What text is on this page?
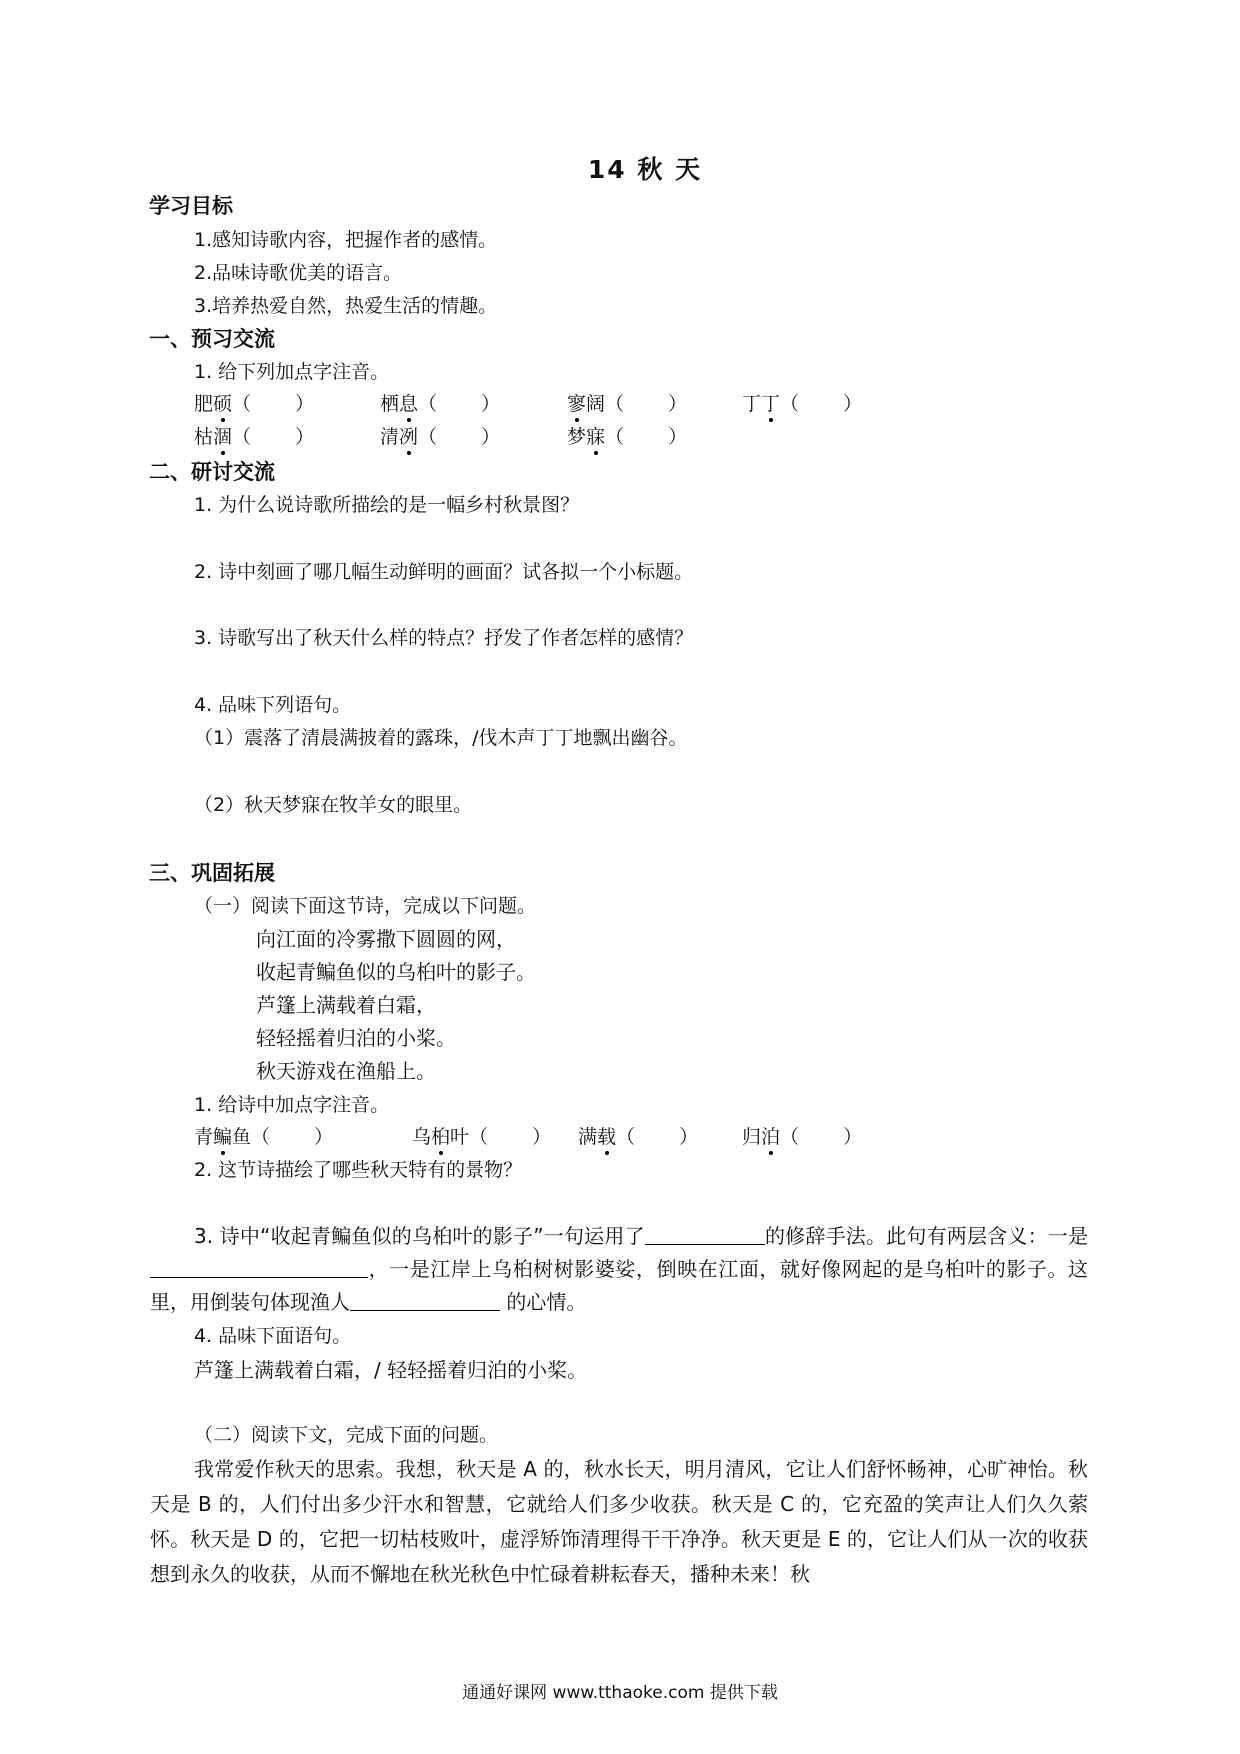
14 秋 天
学习目标
1.感知诗歌内容，把握作者的感情。
2.品味诗歌优美的语言。
3.培养热爱自然，热爱生活的情趣。
一、预习交流
1. 给下列加点字注音。
肥硕（　　 ）	栖息（　　 ）	寥阔（　　 ）	丁丁（　　 ）
枯涸（　　 ）	清冽（　　 ）	梦寐（　　 ）
二、研讨交流
1. 为什么说诗歌所描绘的是一幅乡村秋景图？
2. 诗中刻画了哪几幅生动鲜明的画面？试各拟一个小标题。
3. 诗歌写出了秋天什么样的特点？抒发了作者怎样的感情？
4. 品味下列语句。
（1）震落了清晨满披着的露珠，/伐木声丁丁地飘出幽谷。
（2）秋天梦寐在牧羊女的眼里。
三、巩固拓展
（一）阅读下面这节诗，完成以下问题。
向江面的冷雾撒下圆圆的网，
收起青鳊鱼似的乌桕叶的影子。
芦篷上满载着白霜，
轻轻摇着归泊的小桨。
秋天游戏在渔船上。
1. 给诗中加点字注音。
青鳊鱼（　　 ）	乌桕叶（　　 ） 满载（　　 ） 归泊（　　 ）
2. 这节诗描绘了哪些秋天特有的景物？
3. 诗中“收起青鳊鱼似的乌桕叶的影子”一句运用了	的修辞手法。此句有两层含义：一是，一是江岸上乌桕树树影婆娑，倒映在江面，就好像网起的是乌桕叶的影子。这里，用倒装句体现渔人	的心情。
4. 品味下面语句。
芦篷上满载着白霜，/ 轻轻摇着归泊的小桨。
（二）阅读下文，完成下面的问题。
我常爱作秋天的思索。我想，秋天是 A 的，秋水长天，明月清风，它让人们舒怀畅神，心旷神怡。秋天是 B 的，人们付出多少汗水和智慧，它就给人们多少收获。秋天是 C 的，它充盈的笑声让人们久久萦怀。秋天是 D 的，它把一切枯枝败叶，虚浮矫饰清理得干干净净。秋天更是 E 的，它让人们从一次的收获想到永久的收获，从而不懈地在秋光秋色中忙碌着耕耘春天，播种未来！秋
通通好课网 www.tthaoke.com 提供下载
